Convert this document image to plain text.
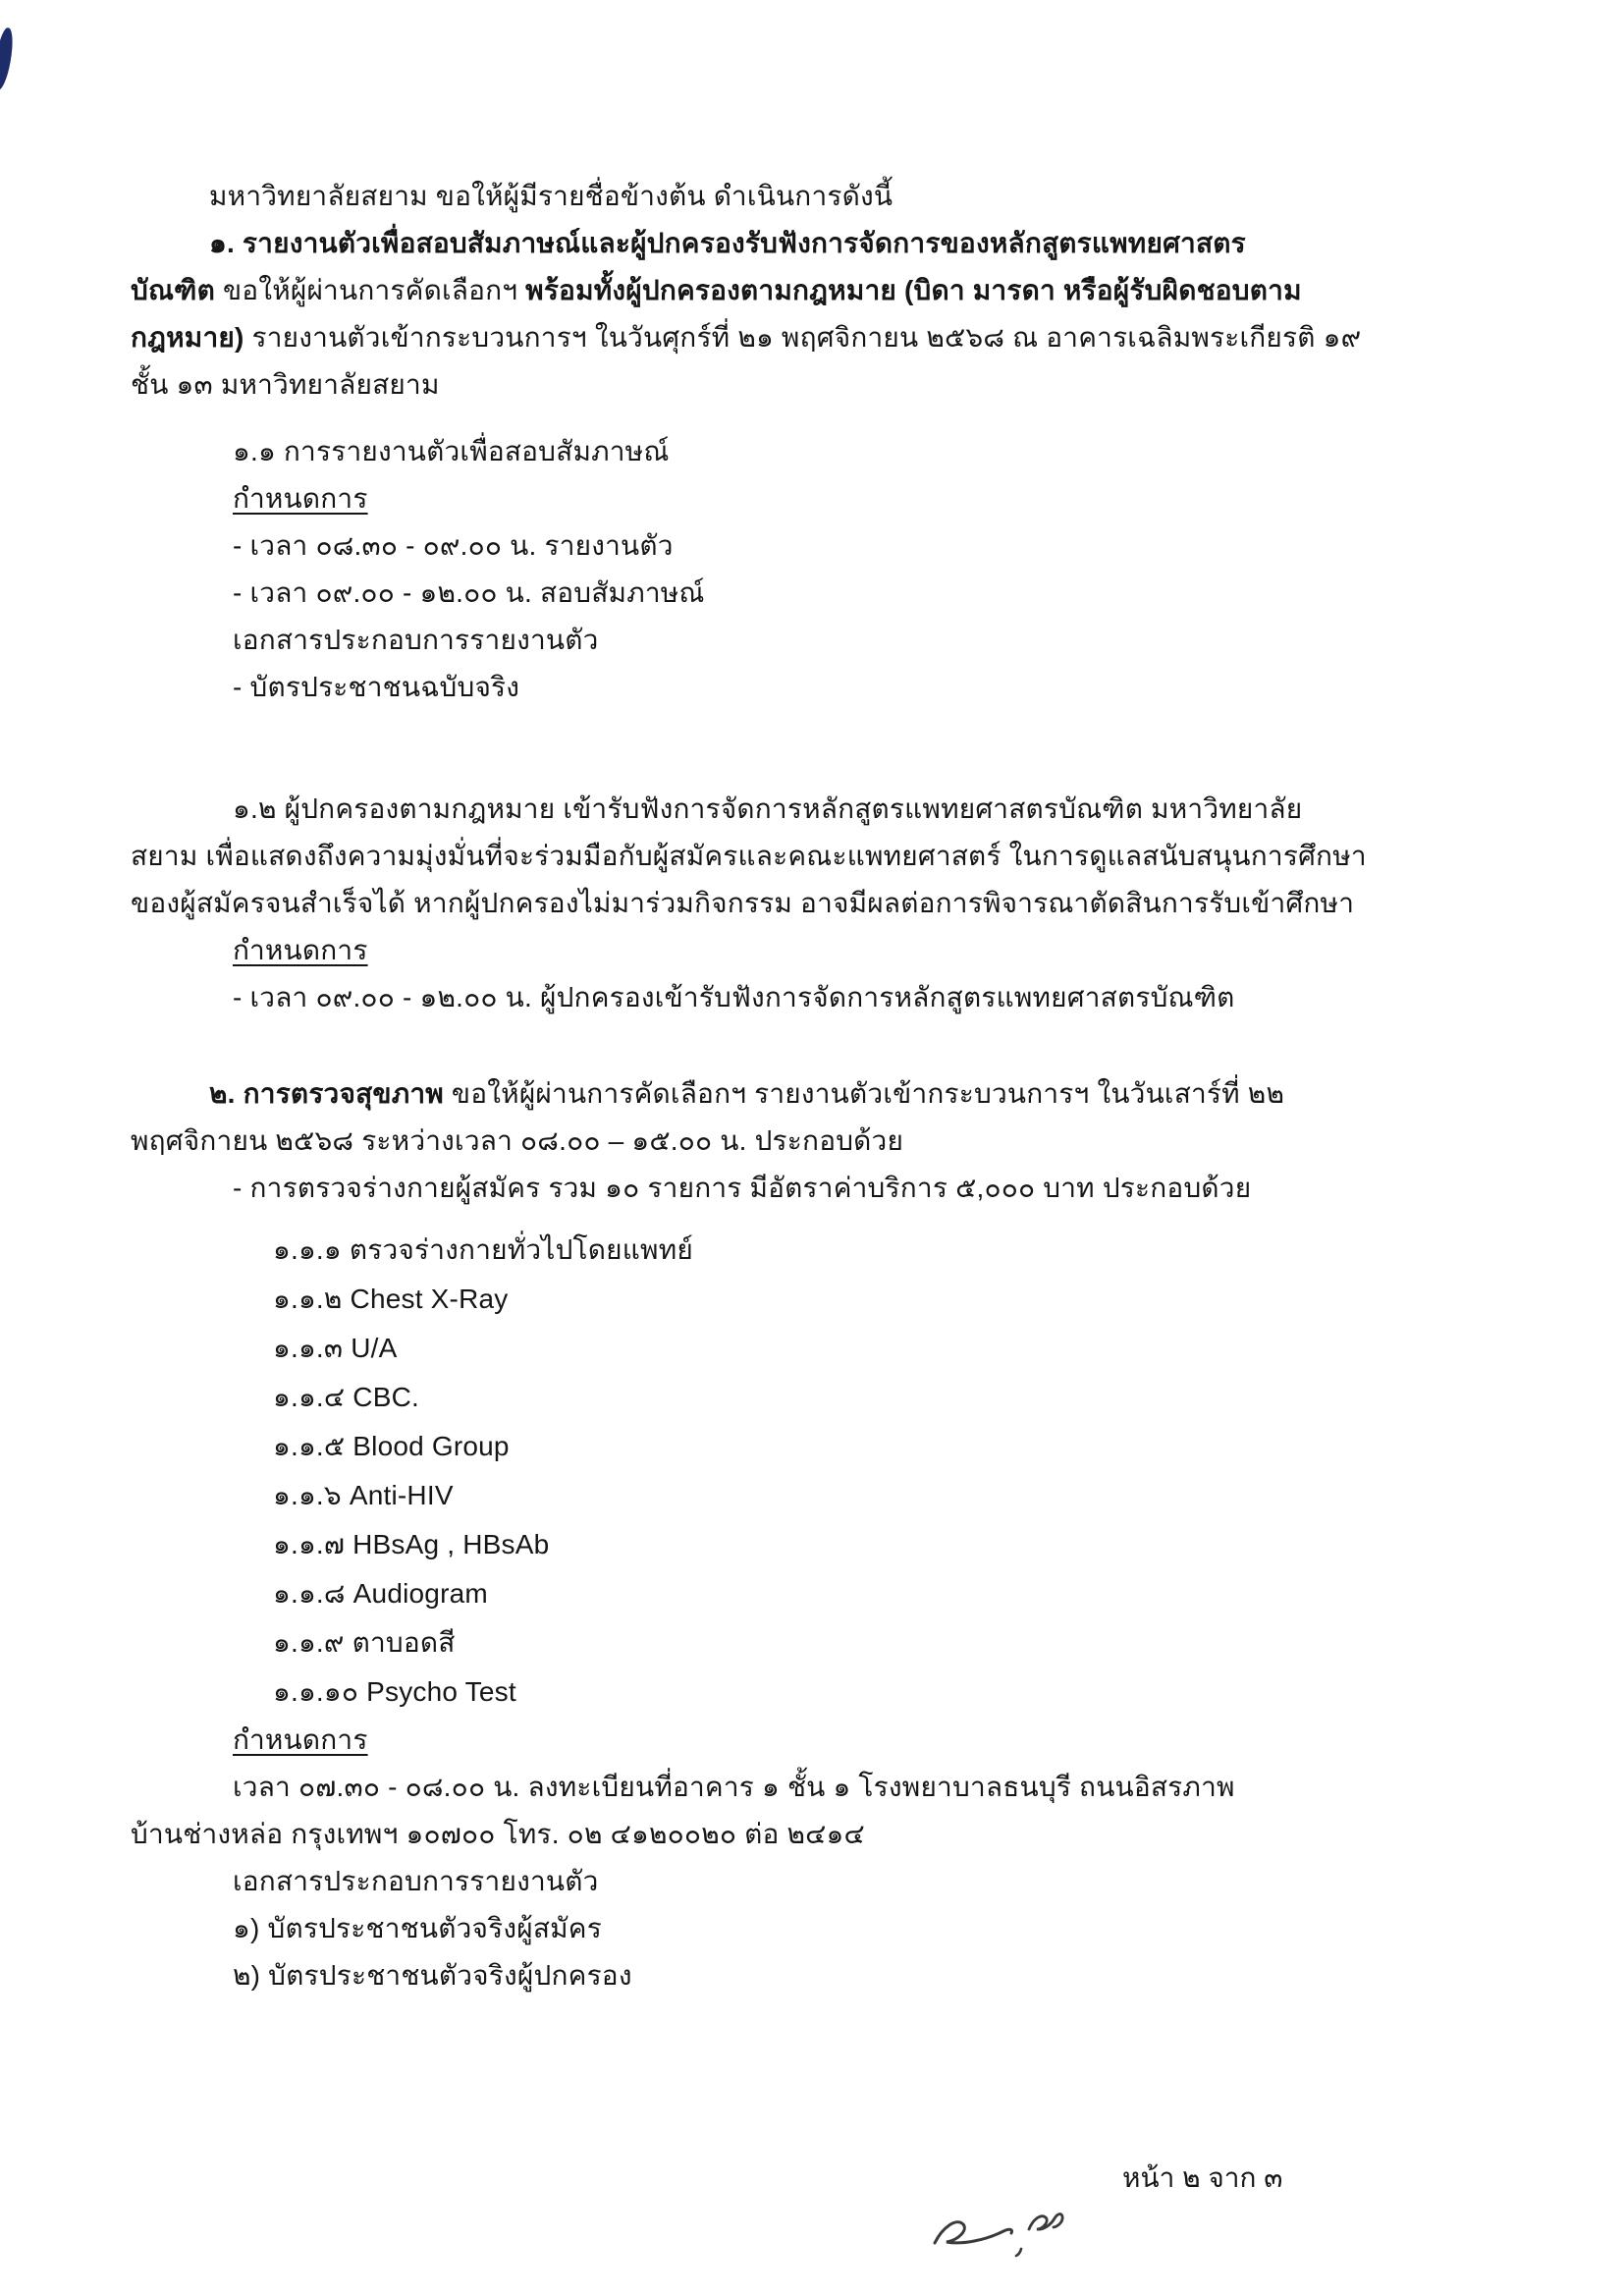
มหาวิทยาลัยสยาม ขอให้ผู้มีรายชื่อข้างต้น ดำเนินการดังนี้
๑. รายงานตัวเพื่อสอบสัมภาษณ์และผู้ปกครองรับฟังการจัดการของหลักสูตรแพทยศาสตร
บัณฑิต ขอให้ผู้ผ่านการคัดเลือกฯ พร้อมทั้งผู้ปกครองตามกฎหมาย (บิดา มารดา หรือผู้รับผิดชอบตาม
กฎหมาย) รายงานตัวเข้ากระบวนการฯ ในวันศุกร์ที่ ๒๑ พฤศจิกายน ๒๕๖๘ ณ อาคารเฉลิมพระเกียรติ ๑๙
ชั้น ๑๓ มหาวิทยาลัยสยาม
๑.๑ การรายงานตัวเพื่อสอบสัมภาษณ์
กำหนดการ
- เวลา ๐๘.๓๐ - ๐๙.๐๐ น. รายงานตัว
- เวลา ๐๙.๐๐ - ๑๒.๐๐ น. สอบสัมภาษณ์
เอกสารประกอบการรายงานตัว
- บัตรประชาชนฉบับจริง
๑.๒ ผู้ปกครองตามกฎหมาย เข้ารับฟังการจัดการหลักสูตรแพทยศาสตรบัณฑิต มหาวิทยาลัย
สยาม เพื่อแสดงถึงความมุ่งมั่นที่จะร่วมมือกับผู้สมัครและคณะแพทยศาสตร์ ในการดูแลสนับสนุนการศึกษา
ของผู้สมัครจนสำเร็จได้ หากผู้ปกครองไม่มาร่วมกิจกรรม อาจมีผลต่อการพิจารณาตัดสินการรับเข้าศึกษา
กำหนดการ
- เวลา ๐๙.๐๐ - ๑๒.๐๐ น. ผู้ปกครองเข้ารับฟังการจัดการหลักสูตรแพทยศาสตรบัณฑิต
๒. การตรวจสุขภาพ ขอให้ผู้ผ่านการคัดเลือกฯ รายงานตัวเข้ากระบวนการฯ ในวันเสาร์ที่ ๒๒
พฤศจิกายน ๒๕๖๘ ระหว่างเวลา ๐๘.๐๐ – ๑๕.๐๐ น. ประกอบด้วย
- การตรวจร่างกายผู้สมัคร รวม ๑๐ รายการ มีอัตราค่าบริการ ๕,๐๐๐ บาท ประกอบด้วย
๑.๑.๑ ตรวจร่างกายทั่วไปโดยแพทย์
๑.๑.๒ Chest X-Ray
๑.๑.๓ U/A
๑.๑.๔ CBC.
๑.๑.๕ Blood Group
๑.๑.๖ Anti-HIV
๑.๑.๗ HBsAg , HBsAb
๑.๑.๘ Audiogram
๑.๑.๙ ตาบอดสี
๑.๑.๑๐ Psycho Test
กำหนดการ
เวลา ๐๗.๓๐ - ๐๘.๐๐ น. ลงทะเบียนที่อาคาร ๑ ชั้น ๑ โรงพยาบาลธนบุรี ถนนอิสรภาพ
บ้านช่างหล่อ กรุงเทพฯ ๑๐๗๐๐ โทร. ๐๒ ๔๑๒๐๐๒๐ ต่อ ๒๔๑๔
เอกสารประกอบการรายงานตัว
๑) บัตรประชาชนตัวจริงผู้สมัคร
๒) บัตรประชาชนตัวจริงผู้ปกครอง
หน้า ๒ จาก ๓
